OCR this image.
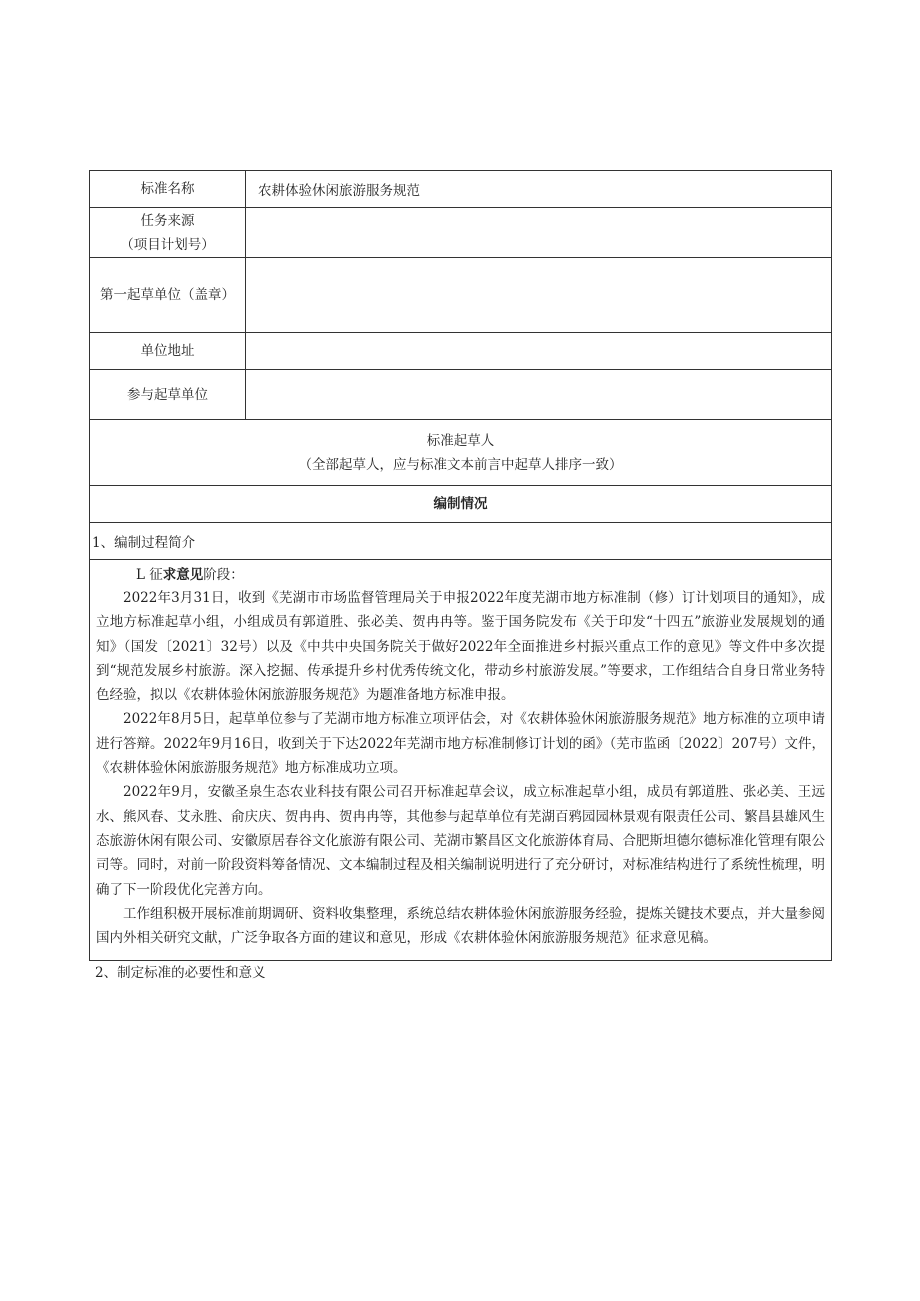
标准名称	农耕体验休闲旅游服务规范

任务来源
（项目计划号）	

第一起草单位（盖章）	
单位地址	
参与起草单位	

标准起草人
（全部起草人，应与标准文本前言中起草人排序一致）	

编制情况	
1、编制过程简介	

L 征求意见阶段：

2022年3月31日，收到《芜湖市市场监督管理局关于申报2022年度芜湖市地方标准制（修）订计划项目的通知》，成立地方标准起草小组，小组成员有郭道胜、张必美、贺冉冉等。鉴于国务院发布《关于印发“十四五”旅游业发展规划的通知》（国发〔2021〕32号）以及《中共中央国务院关于做好2022年全面推进乡村振兴重点工作的意见》等文件中多次提到“规范发展乡村旅游。深入挖掘、传承提升乡村优秀传统文化，带动乡村旅游发展。”等要求，工作组结合自身日常业务特色经验，拟以《农耕体验休闲旅游服务规范》为题准备地方标准申报。

2022年8月5日，起草单位参与了芜湖市地方标准立项评估会，对《农耕体验休闲旅游服务规范》地方标准的立项申请进行答辩。2022年9月16日，收到关于下达2022年芜湖市地方标准制修订计划的函》（芜市监函〔2022〕207号）文件，《农耕体验休闲旅游服务规范》地方标准成功立项。

2022年9月，安徽圣泉生态农业科技有限公司召开标准起草会议，成立标准起草小组，成员有郭道胜、张必美、王远水、熊风春、艾永胜、俞庆庆、贺冉冉、贺冉冉等，其他参与起草单位有芜湖百鸦园园林景观有限责任公司、繁昌县雄风生态旅游休闲有限公司、安徽原居春谷文化旅游有限公司、芜湖市繁昌区文化旅游体育局、合肥斯坦德尔德标准化管理有限公司等。同时，对前一阶段资料筹备情况、文本编制过程及相关编制说明进行了充分研讨，对标准结构进行了系统性梳理，明确了下一阶段优化完善方向。

工作组积极开展标准前期调研、资料收集整理，系统总结农耕体验休闲旅游服务经验，提炼关键技术要点，并大量参阅国内外相关研究文献，广泛争取各方面的建议和意见，形成《农耕体验休闲旅游服务规范》征求意见稿。	

2、制定标准的必要性和意义
